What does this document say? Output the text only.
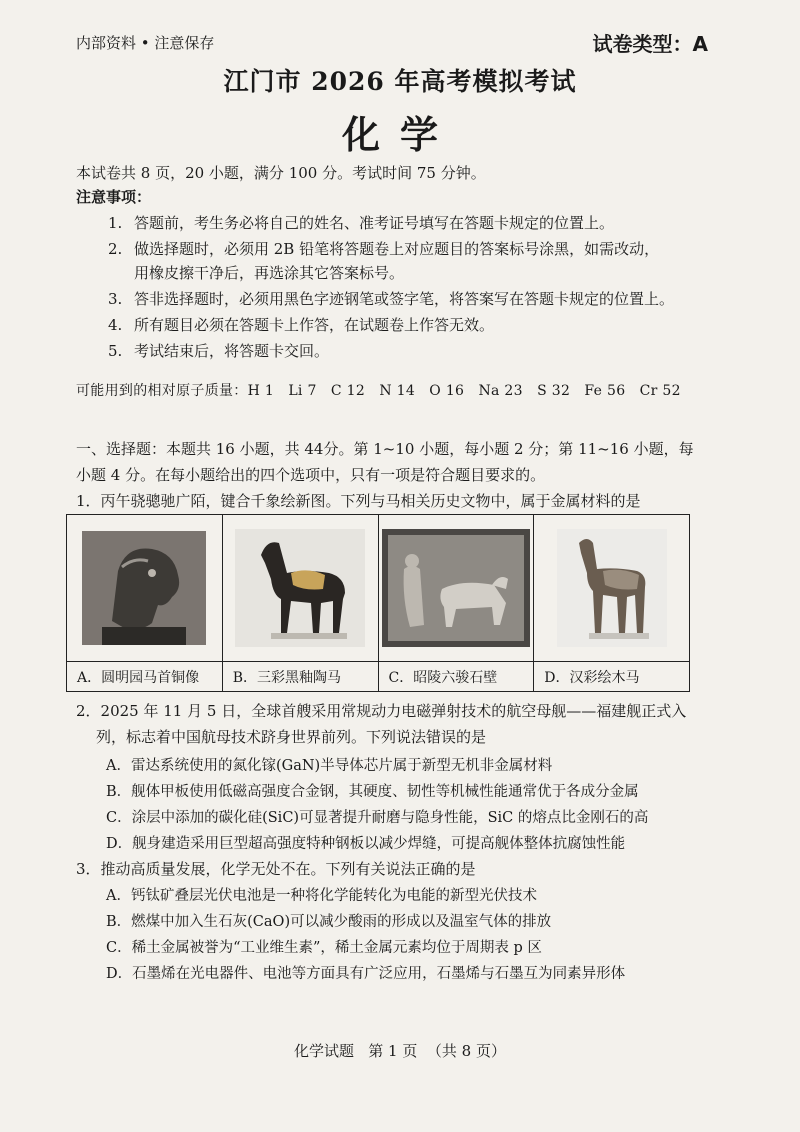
内部资料 • 注意保存	试卷类型：A
江门市 2026 年高考模拟考试
化学
本试卷共 8 页，20 小题，满分 100 分。考试时间 75 分钟。
注意事项：
1. 答题前，考生务必将自己的姓名、准考证号填写在答题卡规定的位置上。
2. 做选择题时，必须用 2B 铅笔将答题卷上对应题目的答案标号涂黑，如需改动，
用橡皮擦干净后，再选涂其它答案标号。
3. 答非选择题时，必须用黑色字迹钢笔或签字笔，将答案写在答题卡规定的位置上。
4. 所有题目必须在答题卡上作答，在试题卷上作答无效。
5. 考试结束后，将答题卡交回。
可能用到的相对原子质量：H 1   Li 7   C 12   N 14   O 16   Na 23   S 32   Fe 56   Cr 52
一、选择题：本题共 16 小题，共 44分。第 1~10 小题，每小题 2 分；第 11~16 小题，每
小题 4 分。在每小题给出的四个选项中，只有一项是符合题目要求的。
1．丙午骁骢驰广陌，键合千象绘新图。下列与马相关历史文物中，属于金属材料的是
A．圆明园马首铜像 B．三彩黑釉陶马	C．昭陵六骏石壁	D．汉彩绘木马
2．2025 年 11 月 5 日，全球首艘采用常规动力电磁弹射技术的航空母舰——福建舰正式入
列，标志着中国航母技术跻身世界前列。下列说法错误的是
A．雷达系统使用的氮化镓(GaN)半导体芯片属于新型无机非金属材料
B．舰体甲板使用低磁高强度合金钢，其硬度、韧性等机械性能通常优于各成分金属
C．涂层中添加的碳化硅(SiC)可显著提升耐磨与隐身性能，SiC 的熔点比金刚石的高
D．舰身建造采用巨型超高强度特种钢板以减少焊缝，可提高舰体整体抗腐蚀性能
3．推动高质量发展，化学无处不在。下列有关说法正确的是
A．钙钛矿叠层光伏电池是一种将化学能转化为电能的新型光伏技术
B．燃煤中加入生石灰(CaO)可以减少酸雨的形成以及温室气体的排放
C．稀土金属被誉为“工业维生素”，稀土金属元素均位于周期表 p 区
D．石墨烯在光电器件、电池等方面具有广泛应用，石墨烯与石墨互为同素异形体
化学试题   第 1 页  （共 8 页）
